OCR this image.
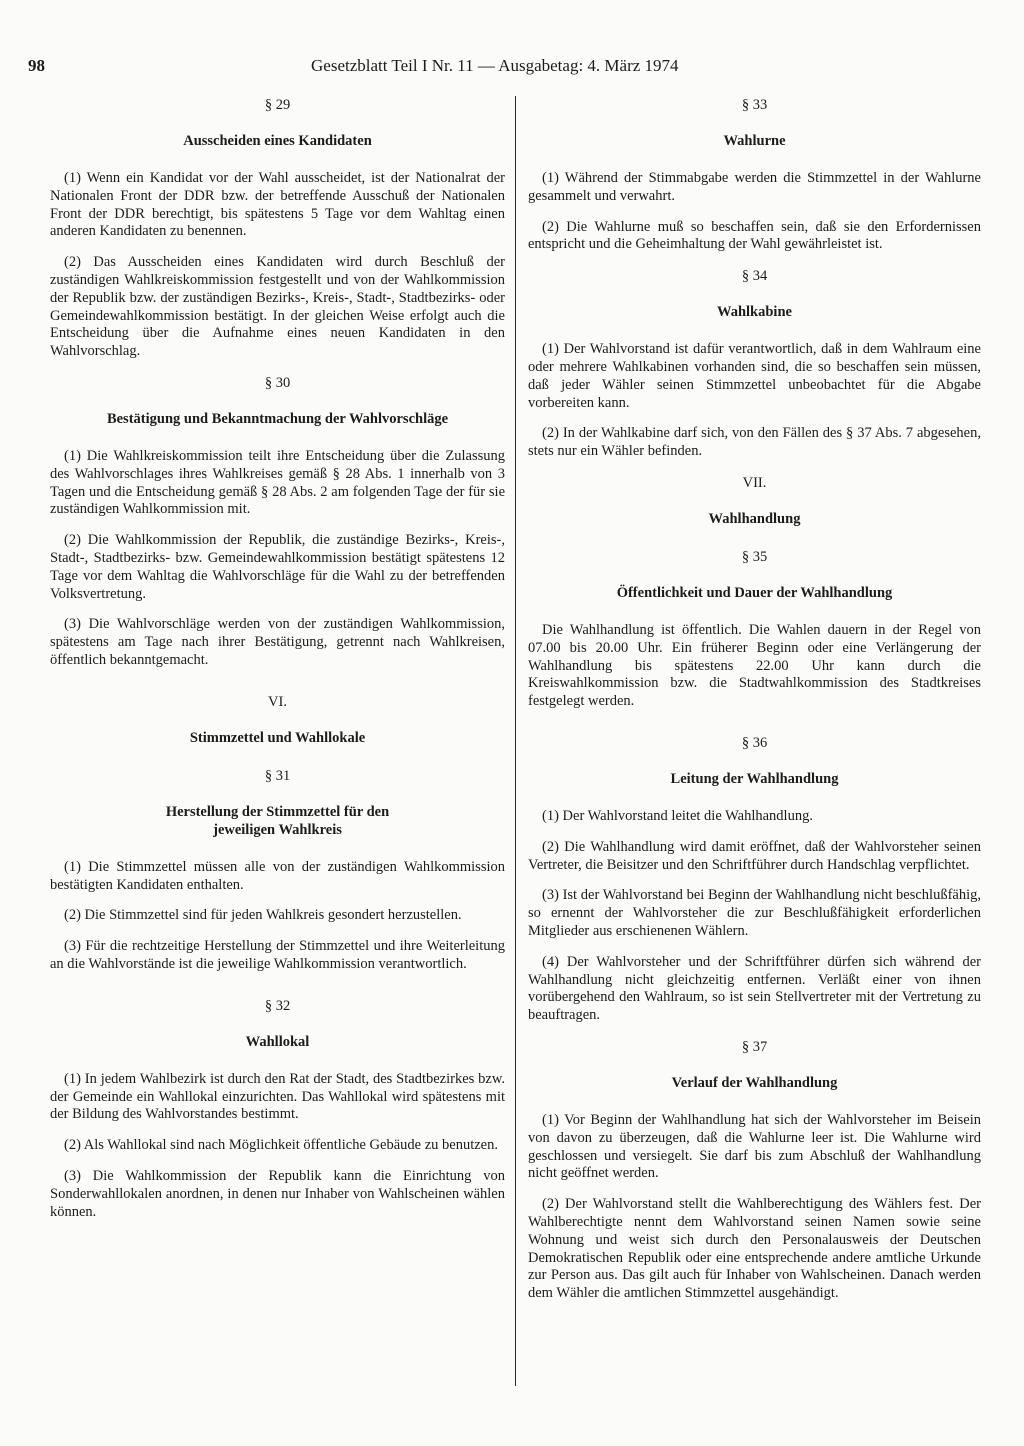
98	Gesetzblatt Teil I Nr. 11 — Ausgabetag: 4. März 1974
§ 29
Ausscheiden eines Kandidaten

(1) Wenn ein Kandidat vor der Wahl ausscheidet, ist der Nationalrat der Nationalen Front der DDR bzw. der betreffende Ausschuß der Nationalen Front der DDR berechtigt, bis spätestens 5 Tage vor dem Wahltag einen anderen Kandidaten zu benennen.

(2) Das Ausscheiden eines Kandidaten wird durch Beschluß der zuständigen Wahlkreiskommission festgestellt und von der Wahlkommission der Republik bzw. der zuständigen Bezirks-, Kreis-, Stadt-, Stadtbezirks- oder Gemeindewahlkommission bestätigt. In der gleichen Weise erfolgt auch die Entscheidung über die Aufnahme eines neuen Kandidaten in den Wahlvorschlag.

§ 30
Bestätigung und Bekanntmachung der Wahlvorschläge

(1) Die Wahlkreiskommission teilt ihre Entscheidung über die Zulassung des Wahlvorschlages ihres Wahlkreises gemäß § 28 Abs. 1 innerhalb von 3 Tagen und die Entscheidung gemäß § 28 Abs. 2 am folgenden Tage der für sie zuständigen Wahlkommission mit.

(2) Die Wahlkommission der Republik, die zuständige Bezirks-, Kreis-, Stadt-, Stadtbezirks- bzw. Gemeindewahlkommission bestätigt spätestens 12 Tage vor dem Wahltag die Wahlvorschläge für die Wahl zu der betreffenden Volksvertretung.

(3) Die Wahlvorschläge werden von der zuständigen Wahlkommission, spätestens am Tage nach ihrer Bestätigung, getrennt nach Wahlkreisen, öffentlich bekanntgemacht.

VI.
Stimmzettel und Wahllokale
§ 31
Herstellung der Stimmzettel für den
jeweiligen Wahlkreis

(1) Die Stimmzettel müssen alle von der zuständigen Wahlkommission bestätigten Kandidaten enthalten.

(2) Die Stimmzettel sind für jeden Wahlkreis gesondert herzustellen.

(3) Für die rechtzeitige Herstellung der Stimmzettel und ihre Weiterleitung an die Wahlvorstände ist die jeweilige Wahlkommission verantwortlich.

§ 32
Wahllokal

(1) In jedem Wahlbezirk ist durch den Rat der Stadt, des Stadtbezirkes bzw. der Gemeinde ein Wahllokal einzurichten. Das Wahllokal wird spätestens mit der Bildung des Wahlvorstandes bestimmt.

(2) Als Wahllokal sind nach Möglichkeit öffentliche Gebäude zu benutzen.

(3) Die Wahlkommission der Republik kann die Einrichtung von Sonderwahllokalen anordnen, in denen nur Inhaber von Wahlscheinen wählen können.

§ 33
Wahlurne

(1) Während der Stimmabgabe werden die Stimmzettel in der Wahlurne gesammelt und verwahrt.

(2) Die Wahlurne muß so beschaffen sein, daß sie den Erfordernissen entspricht und die Geheimhaltung der Wahl gewährleistet ist.

§ 34
Wahlkabine

(1) Der Wahlvorstand ist dafür verantwortlich, daß in dem Wahlraum eine oder mehrere Wahlkabinen vorhanden sind, die so beschaffen sein müssen, daß jeder Wähler seinen Stimmzettel unbeobachtet für die Abgabe vorbereiten kann.

(2) In der Wahlkabine darf sich, von den Fällen des § 37 Abs. 7 abgesehen, stets nur ein Wähler befinden.

VII.
Wahlhandlung
§ 35
Öffentlichkeit und Dauer der Wahlhandlung

Die Wahlhandlung ist öffentlich. Die Wahlen dauern in der Regel von 07.00 bis 20.00 Uhr. Ein früherer Beginn oder eine Verlängerung der Wahlhandlung bis spätestens 22.00 Uhr kann durch die Kreiswahlkommission bzw. die Stadtwahlkommission des Stadtkreises festgelegt werden.

§ 36
Leitung der Wahlhandlung

(1) Der Wahlvorstand leitet die Wahlhandlung.

(2) Die Wahlhandlung wird damit eröffnet, daß der Wahlvorsteher seinen Vertreter, die Beisitzer und den Schriftführer durch Handschlag verpflichtet.

(3) Ist der Wahlvorstand bei Beginn der Wahlhandlung nicht beschlußfähig, so ernennt der Wahlvorsteher die zur Beschlußfähigkeit erforderlichen Mitglieder aus erschienenen Wählern.

(4) Der Wahlvorsteher und der Schriftführer dürfen sich während der Wahlhandlung nicht gleichzeitig entfernen. Verläßt einer von ihnen vorübergehend den Wahlraum, so ist sein Stellvertreter mit der Vertretung zu beauftragen.

§ 37
Verlauf der Wahlhandlung

(1) Vor Beginn der Wahlhandlung hat sich der Wahlvorsteher im Beisein von davon zu überzeugen, daß die Wahlurne leer ist. Die Wahlurne wird geschlossen und versiegelt. Sie darf bis zum Abschluß der Wahlhandlung nicht geöffnet werden.

(2) Der Wahlvorstand stellt die Wahlberechtigung des Wählers fest. Der Wahlberechtigte nennt dem Wahlvorstand seinen Namen sowie seine Wohnung und weist sich durch den Personalausweis der Deutschen Demokratischen Republik oder eine entsprechende andere amtliche Urkunde zur Person aus. Das gilt auch für Inhaber von Wahlscheinen. Danach werden dem Wähler die amtlichen Stimmzettel ausgehändigt.
